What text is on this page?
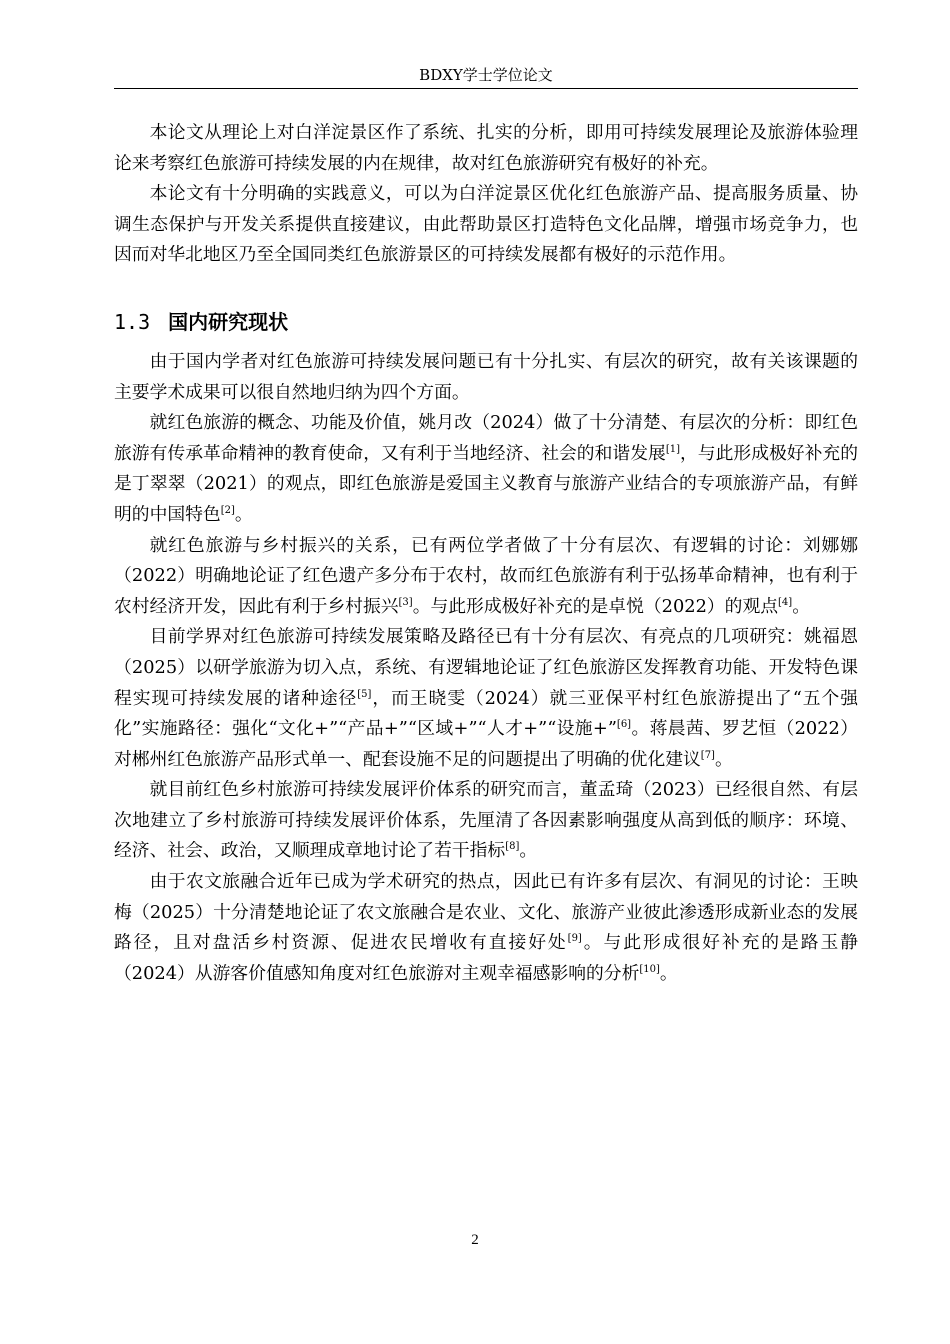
BDXY学士学位论文

本论文从理论上对白洋淀景区作了系统、扎实的分析，即用可持续发展理论及旅游体验理论来考察红色旅游可持续发展的内在规律，故对红色旅游研究有极好的补充。

本论文有十分明确的实践意义，可以为白洋淀景区优化红色旅游产品、提高服务质量、协调生态保护与开发关系提供直接建议，由此帮助景区打造特色文化品牌，增强市场竞争力，也因而对华北地区乃至全国同类红色旅游景区的可持续发展都有极好的示范作用。

1.3 国内研究现状

由于国内学者对红色旅游可持续发展问题已有十分扎实、有层次的研究，故有关该课题的主要学术成果可以很自然地归纳为四个方面。

就红色旅游的概念、功能及价值，姚月改（2024）做了十分清楚、有层次的分析：即红色旅游有传承革命精神的教育使命，又有利于当地经济、社会的和谐发展[1]，与此形成极好补充的是丁翠翠（2021）的观点，即红色旅游是爱国主义教育与旅游产业结合的专项旅游产品，有鲜明的中国特色[2]。

就红色旅游与乡村振兴的关系，已有两位学者做了十分有层次、有逻辑的讨论：刘娜娜（2022）明确地论证了红色遗产多分布于农村，故而红色旅游有利于弘扬革命精神，也有利于农村经济开发，因此有利于乡村振兴[3]。与此形成极好补充的是卓悦（2022）的观点[4]。

目前学界对红色旅游可持续发展策略及路径已有十分有层次、有亮点的几项研究：姚福恩（2025）以研学旅游为切入点，系统、有逻辑地论证了红色旅游区发挥教育功能、开发特色课程实现可持续发展的诸种途径[5]，而王晓雯（2024）就三亚保平村红色旅游提出了“五个强化”实施路径：强化“文化+”“产品+”“区域+”“人才+”“设施+”[6]。蒋晨茜、罗艺恒（2022）对郴州红色旅游产品形式单一、配套设施不足的问题提出了明确的优化建议[7]。

就目前红色乡村旅游可持续发展评价体系的研究而言，董孟琦（2023）已经很自然、有层次地建立了乡村旅游可持续发展评价体系，先厘清了各因素影响强度从高到低的顺序：环境、经济、社会、政治，又顺理成章地讨论了若干指标[8]。

由于农文旅融合近年已成为学术研究的热点，因此已有许多有层次、有洞见的讨论：王映梅（2025）十分清楚地论证了农文旅融合是农业、文化、旅游产业彼此渗透形成新业态的发展路径，且对盘活乡村资源、促进农民增收有直接好处[9]。与此形成很好补充的是路玉静（2024）从游客价值感知角度对红色旅游对主观幸福感影响的分析[10]。

2
